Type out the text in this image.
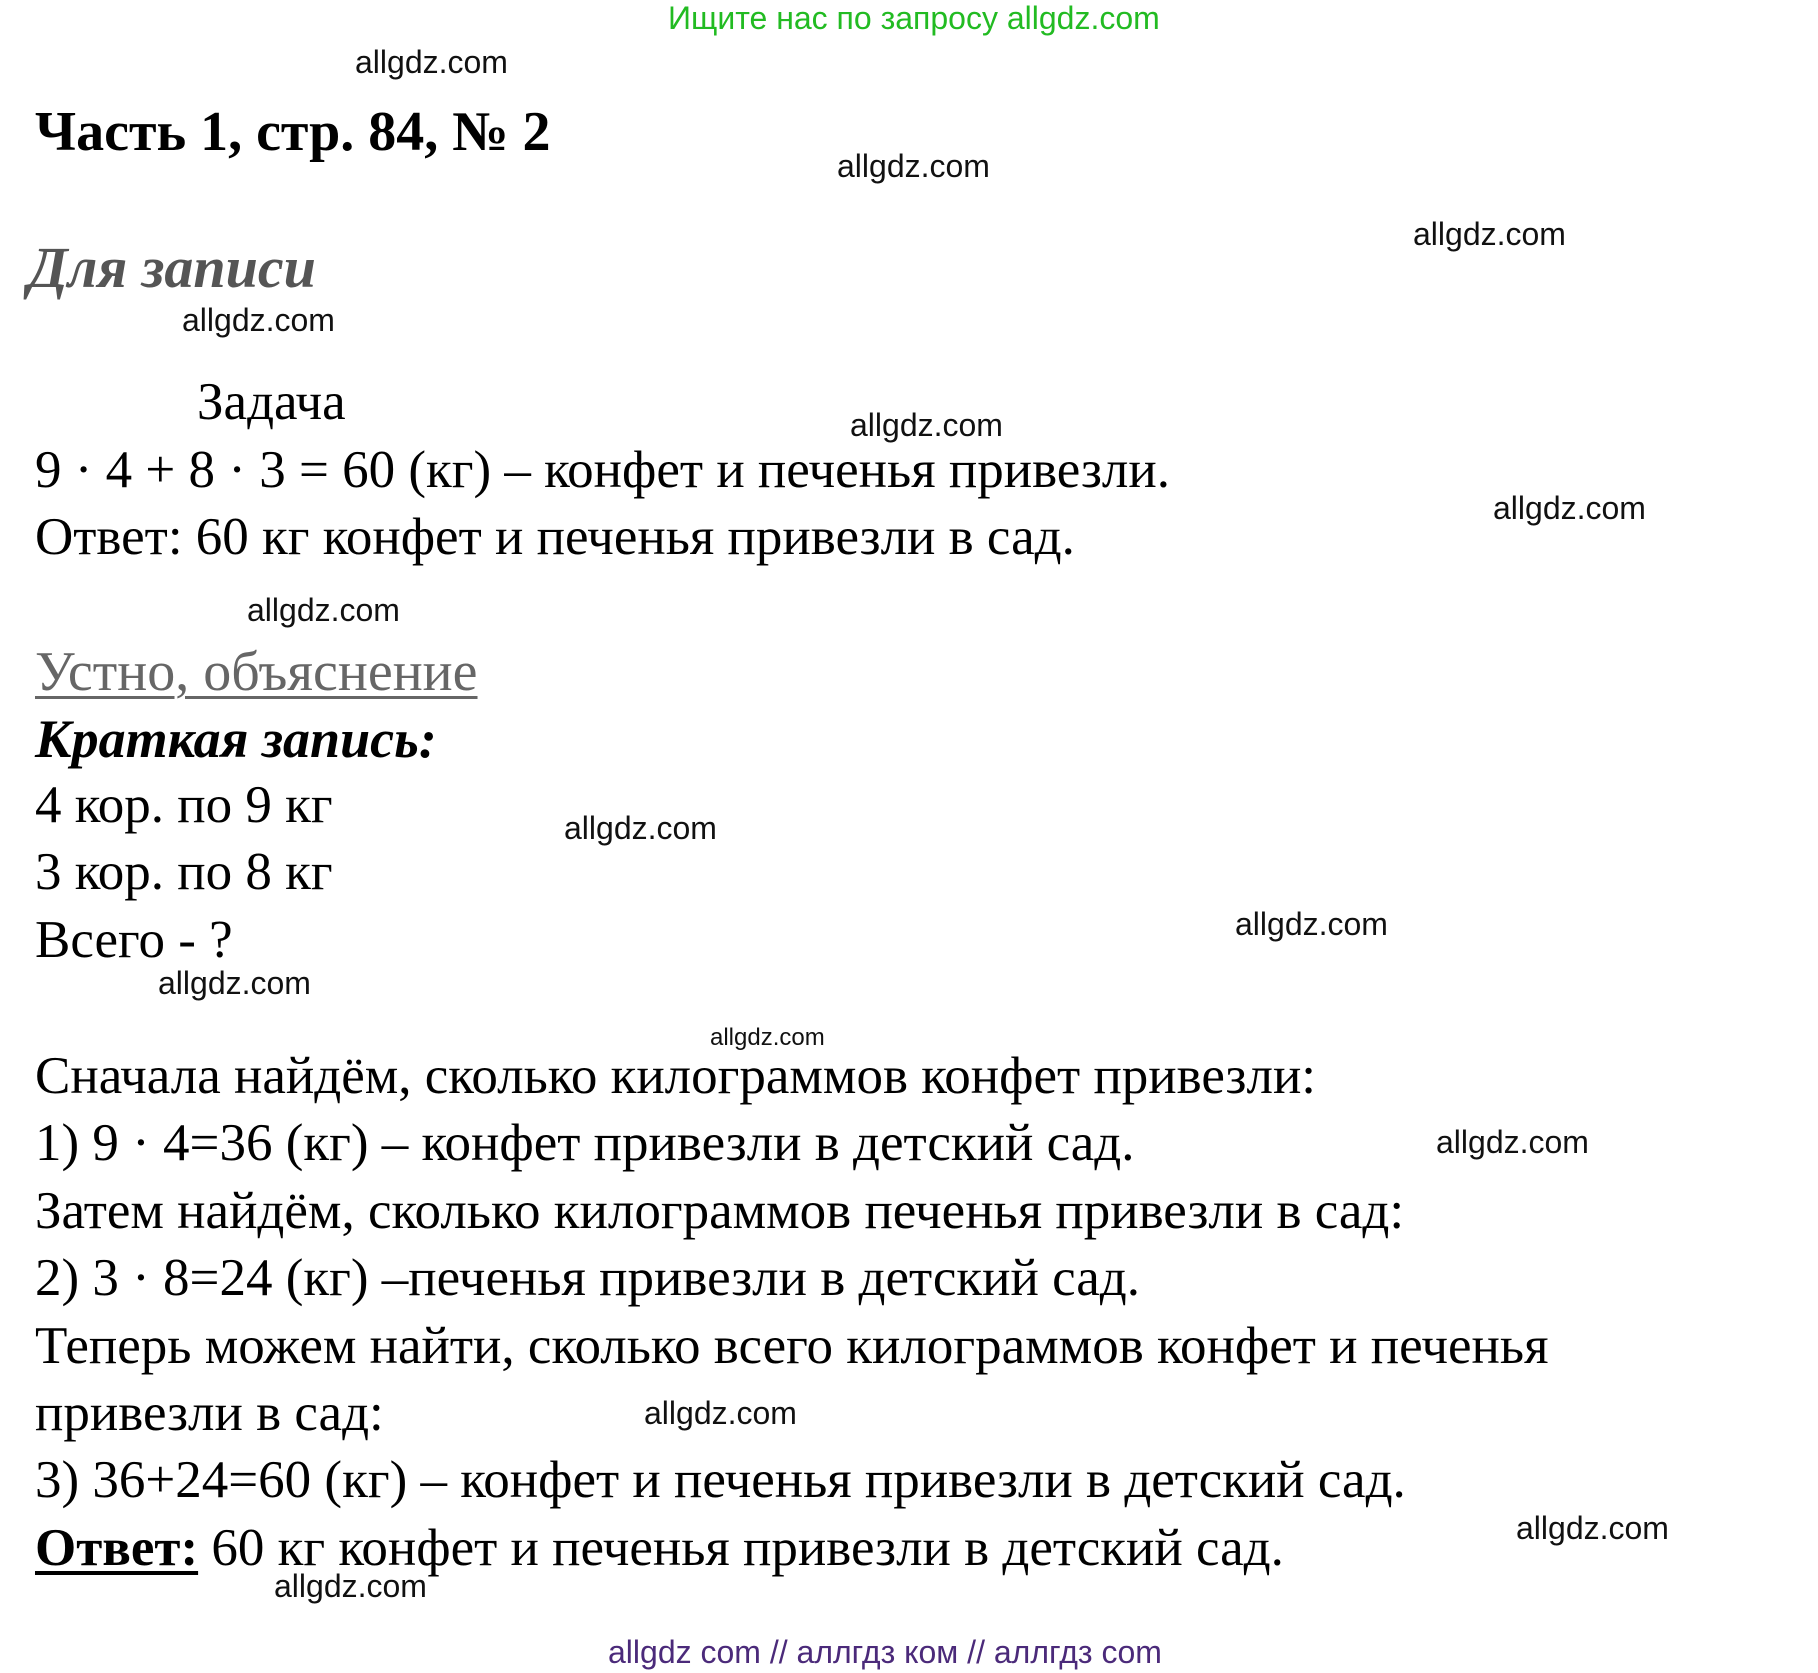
Ищите нас по запросу allgdz.com
Часть 1, стр. 84, № 2
Для записи
Задача
9 · 4 + 8 · 3 = 60 (кг) – конфет и печенья привезли.
Ответ: 60 кг конфет и печенья привезли в сад.
Устно, объяснение
Краткая запись:
4 кор. по 9 кг
3 кор. по 8 кг
Всего - ?
Сначала найдём, сколько килограммов конфет привезли:
1) 9 · 4=36 (кг) – конфет привезли в детский сад.
Затем найдём, сколько килограммов печенья привезли в сад:
2) 3 · 8=24 (кг) –печенья привезли в детский сад.
Теперь можем найти, сколько всего килограммов конфет и печенья
привезли в сад:
3) 36+24=60 (кг) – конфет и печенья привезли в детский сад.
Ответ: 60 кг конфет и печенья привезли в детский сад.
allgdz.com
allgdz.com
allgdz.com
allgdz.com
allgdz.com
allgdz.com
allgdz.com
allgdz.com
allgdz.com
allgdz.com
allgdz.com
allgdz.com
allgdz.com
allgdz.com
allgdz.com
allgdz com // аллгдз ком // аллгдз com
